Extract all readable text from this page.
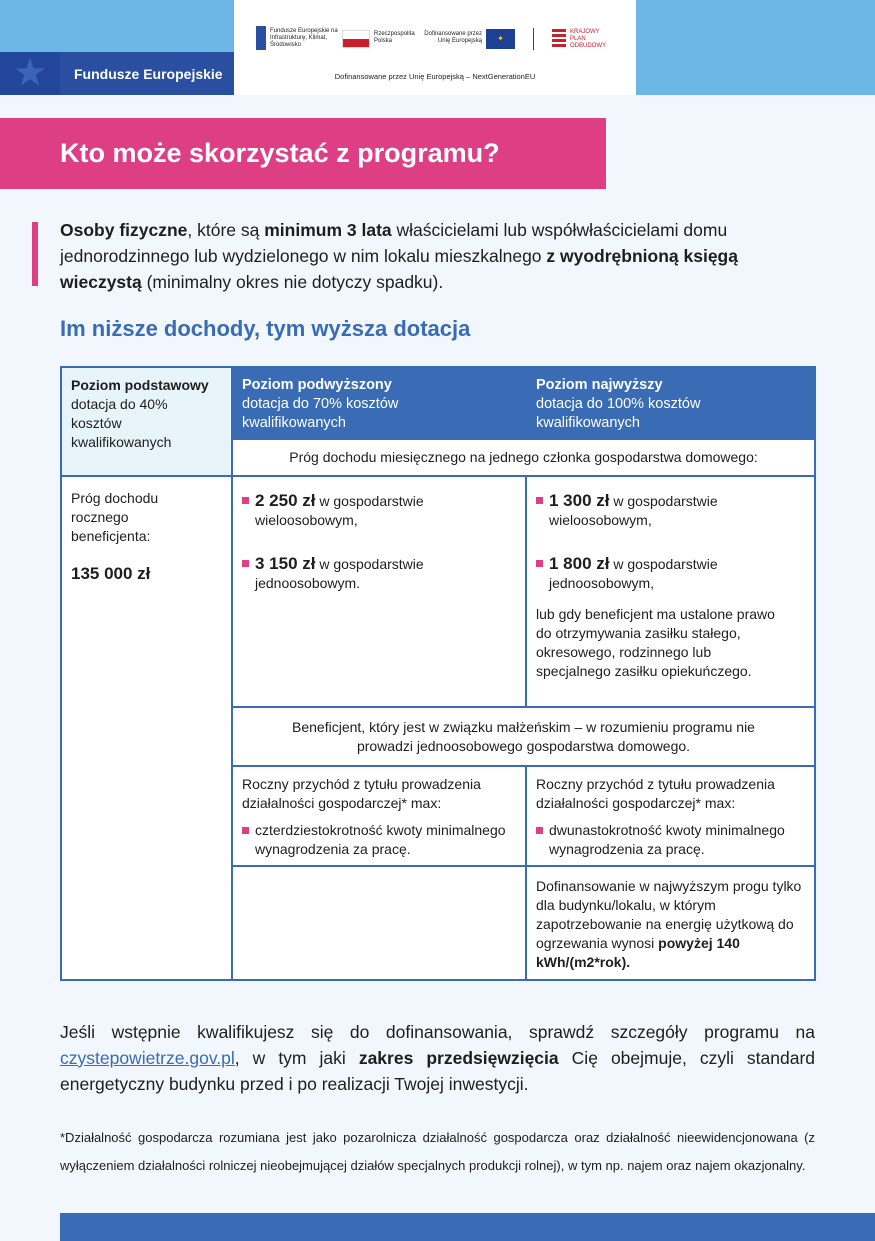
★	Fundusze Europejskie
Fundusze Europejskie na Infrastrukturę, Klimat, Środowisko
Rzeczpospolita Polska
Dofinansowane przez Unię Europejską	✦
KRAJOWY PLAN ODBUDOWY
Dofinansowane przez Unię Europejską – NextGenerationEU
Kto może skorzystać z programu?
Osoby fizyczne, które są minimum 3 lata właścicielami lub współwłaścicielami domu jednorodzinnego lub wydzielonego w nim lokalu mieszkalnego z wyodrębnioną księgą wieczystą (minimalny okres nie dotyczy spadku).
Im niższe dochody, tym wyższa dotacja
Poziom podstawowy
dotacja do 40% kosztów kwalifikowanych
Poziom podwyższony
dotacja do 70% kosztów kwalifikowanych
Poziom najwyższy
dotacja do 100% kosztów kwalifikowanych
Próg dochodu miesięcznego na jednego członka gospodarstwa domowego:
Próg dochodu rocznego beneficjenta:
135 000 zł
2 250 zł w gospodarstwie wieloosobowym,
3 150 zł w gospodarstwie jednoosobowym.
1 300 zł w gospodarstwie wieloosobowym,
1 800 zł w gospodarstwie jednoosobowym,
lub gdy beneficjent ma ustalone prawo do otrzymywania zasiłku stałego, okresowego, rodzinnego lub specjalnego zasiłku opiekuńczego.
Beneficjent, który jest w związku małżeńskim – w rozumieniu programu nie prowadzi jednoosobowego gospodarstwa domowego.
Roczny przychód z tytułu prowadzenia działalności gospodarczej* max:
czterdziestokrotność kwoty minimalnego wynagrodzenia za pracę.
Roczny przychód z tytułu prowadzenia działalności gospodarczej* max:
dwunastokrotność kwoty minimalnego wynagrodzenia za pracę.
Dofinansowanie w najwyższym progu tylko dla budynku/lokalu, w którym zapotrzebowanie na energię użytkową do ogrzewania wynosi powyżej 140 kWh/(m2*rok).
Jeśli wstępnie kwalifikujesz się do dofinansowania, sprawdź szczegóły programu na czystepowietrze.gov.pl, w tym jaki zakres przedsięwzięcia Cię obejmuje, czyli standard energetyczny budynku przed i po realizacji Twojej inwestycji.
*Działalność gospodarcza rozumiana jest jako pozarolnicza działalność gospodarcza oraz działalność nieewidencjonowana (z wyłączeniem działalności rolniczej nieobejmującej działów specjalnych produkcji rolnej), w tym np. najem oraz najem okazjonalny.
